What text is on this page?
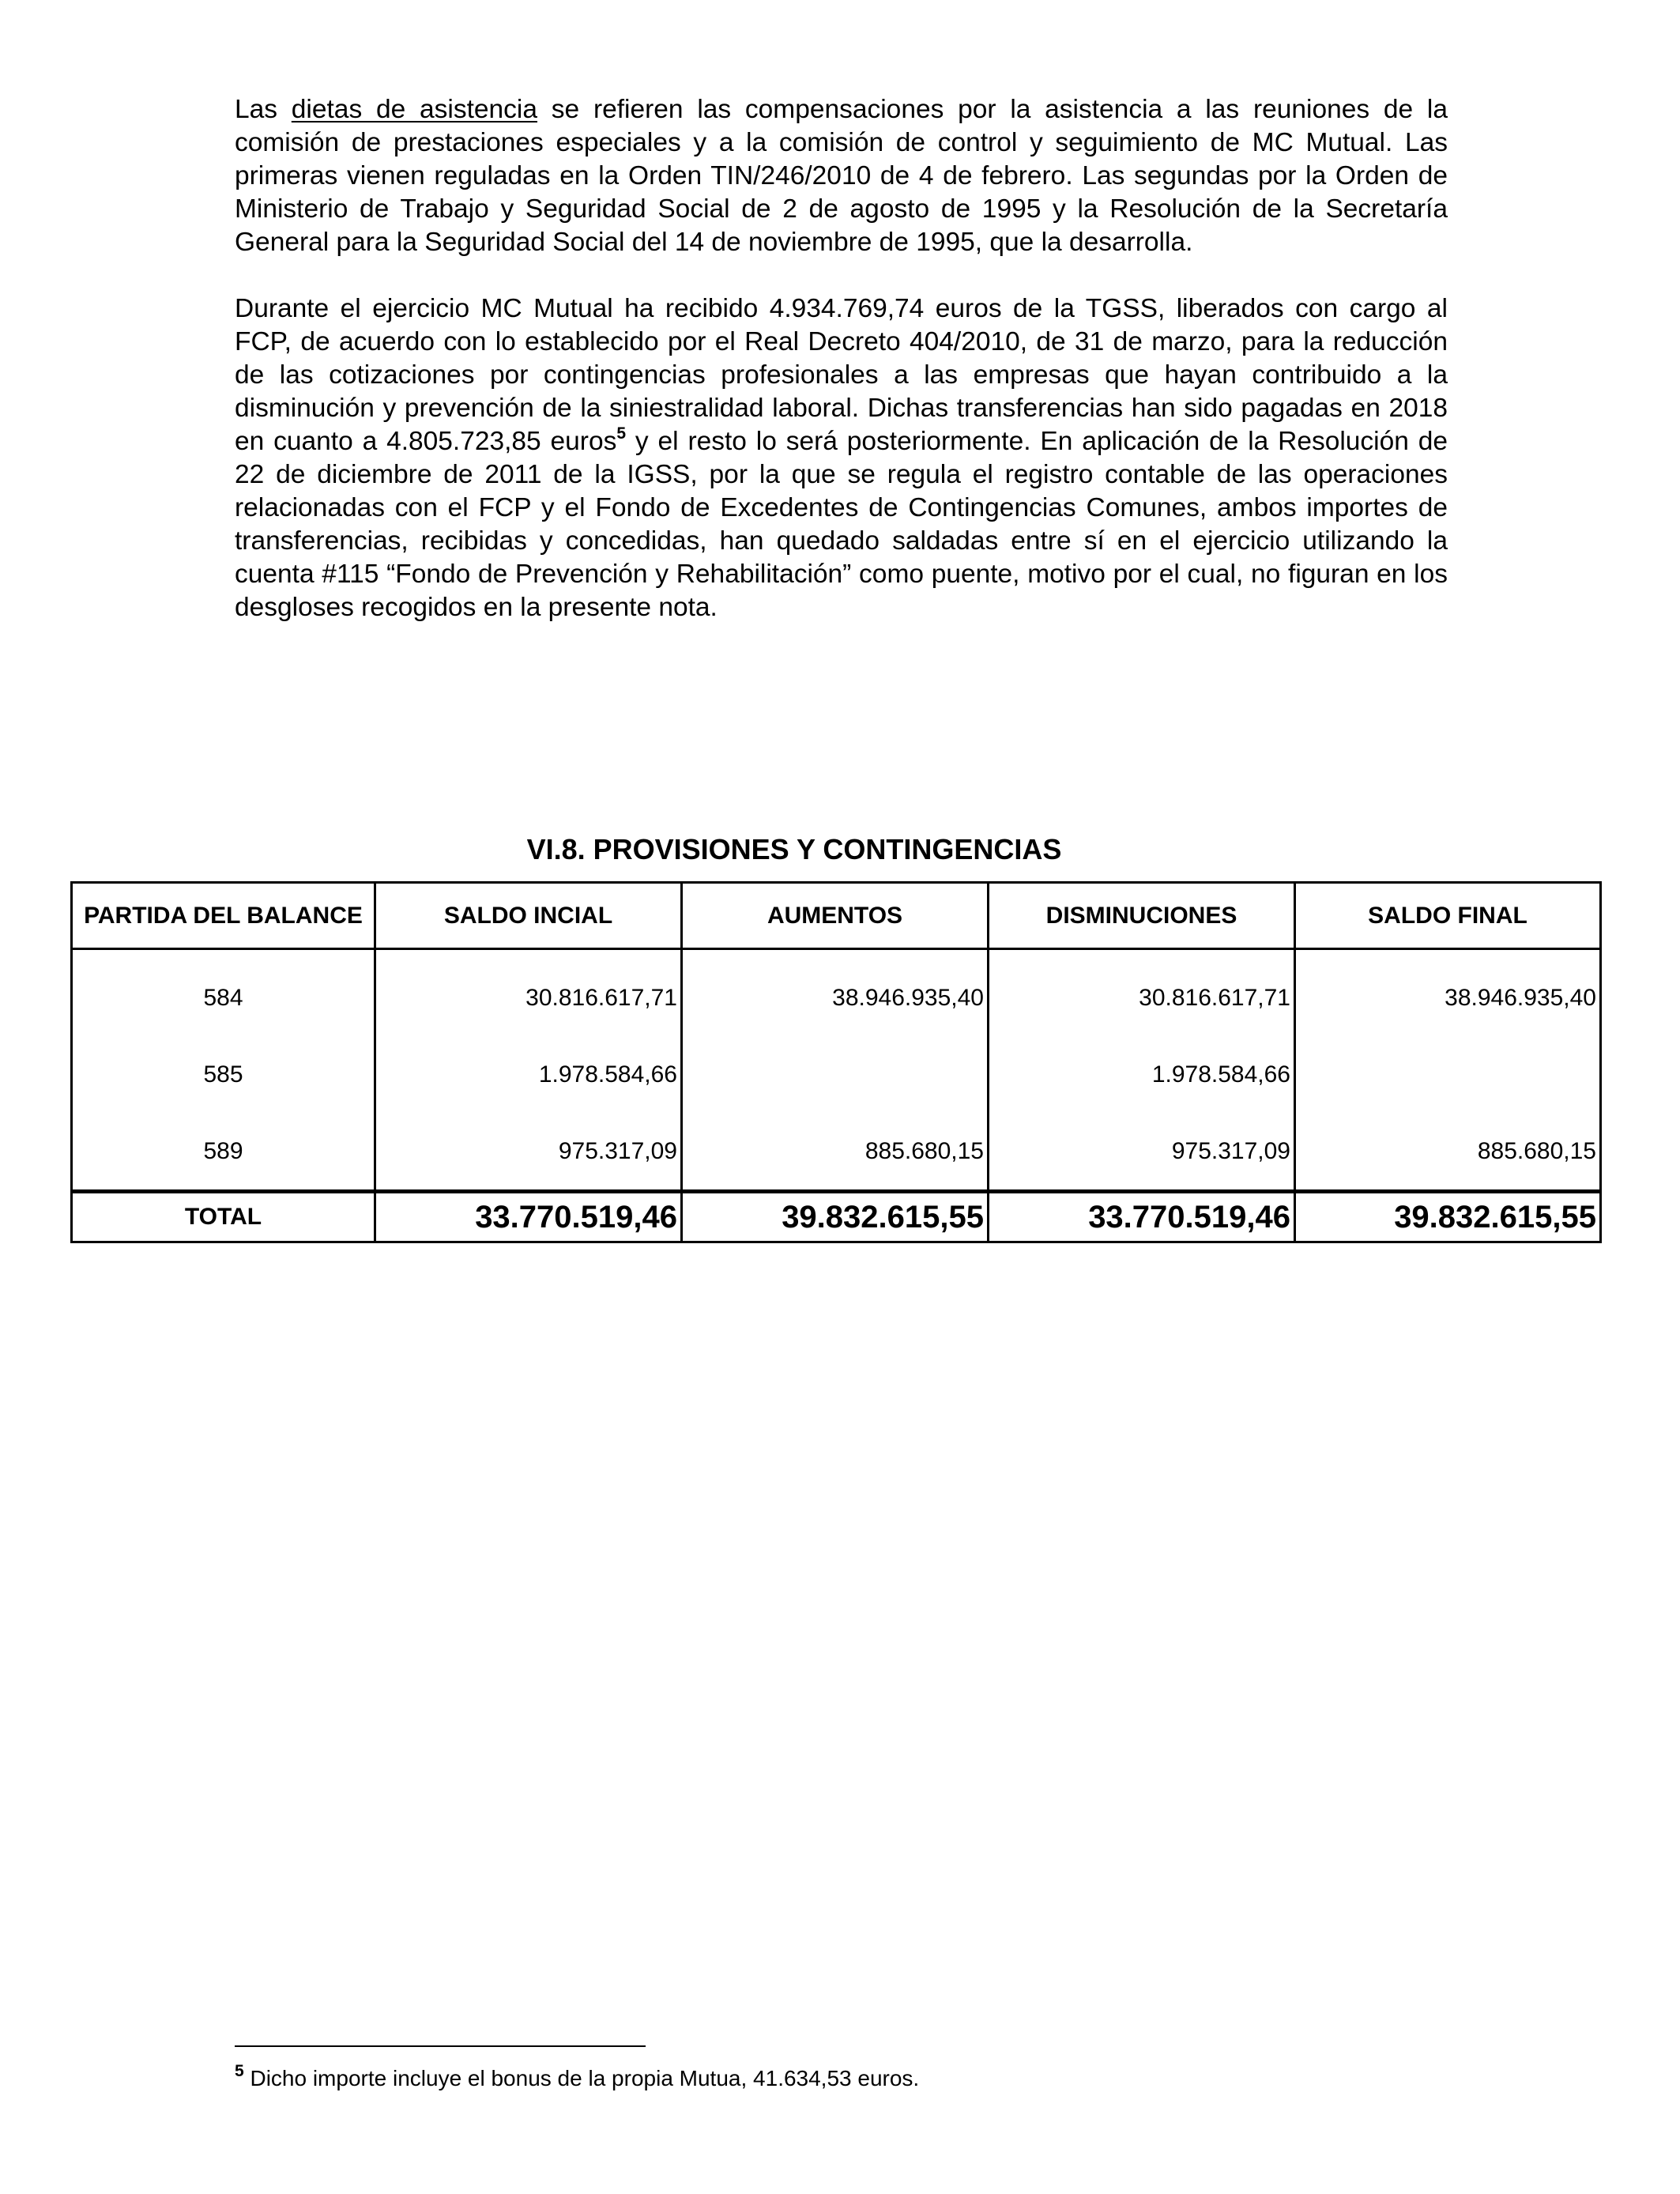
Las dietas de asistencia se refieren las compensaciones por la asistencia a las reuniones de la comisión de prestaciones especiales y a la comisión de control y seguimiento de MC Mutual. Las primeras vienen reguladas en la Orden TIN/246/2010 de 4 de febrero. Las segundas por la Orden de Ministerio de Trabajo y Seguridad Social de 2 de agosto de 1995 y la Resolución de la Secretaría General para la Seguridad Social del 14 de noviembre de 1995, que la desarrolla.

Durante el ejercicio MC Mutual ha recibido 4.934.769,74 euros de la TGSS, liberados con cargo al FCP, de acuerdo con lo establecido por el Real Decreto 404/2010, de 31 de marzo, para la reducción de las cotizaciones por contingencias profesionales a las empresas que hayan contribuido a la disminución y prevención de la siniestralidad laboral. Dichas transferencias han sido pagadas en 2018 en cuanto a 4.805.723,85 euros$^5$ y el resto lo será posteriormente. En aplicación de la Resolución de 22 de diciembre de 2011 de la IGSS, por la que se regula el registro contable de las operaciones relacionadas con el FCP y el Fondo de Excedentes de Contingencias Comunes, ambos importes de transferencias, recibidas y concedidas, han quedado saldadas entre sí en el ejercicio utilizando la cuenta #115 “Fondo de Prevención y Rehabilitación” como puente, motivo por el cual, no figuran en los desgloses recogidos en la presente nota.

VI.8. PROVISIONES Y CONTINGENCIAS
PARTIDA DEL BALANCE	SALDO INCIAL	AUMENTOS	DISMINUCIONES	SALDO FINAL
584	30.816.617,71	38.946.935,40	30.816.617,71	38.946.935,40
585	1.978.584,66		1.978.584,66	
589	975.317,09	885.680,15	975.317,09	885.680,15
TOTAL	33.770.519,46	39.832.615,55	33.770.519,46	39.832.615,55

$^5$ Dicho importe incluye el bonus de la propia Mutua, 41.634,53 euros.
